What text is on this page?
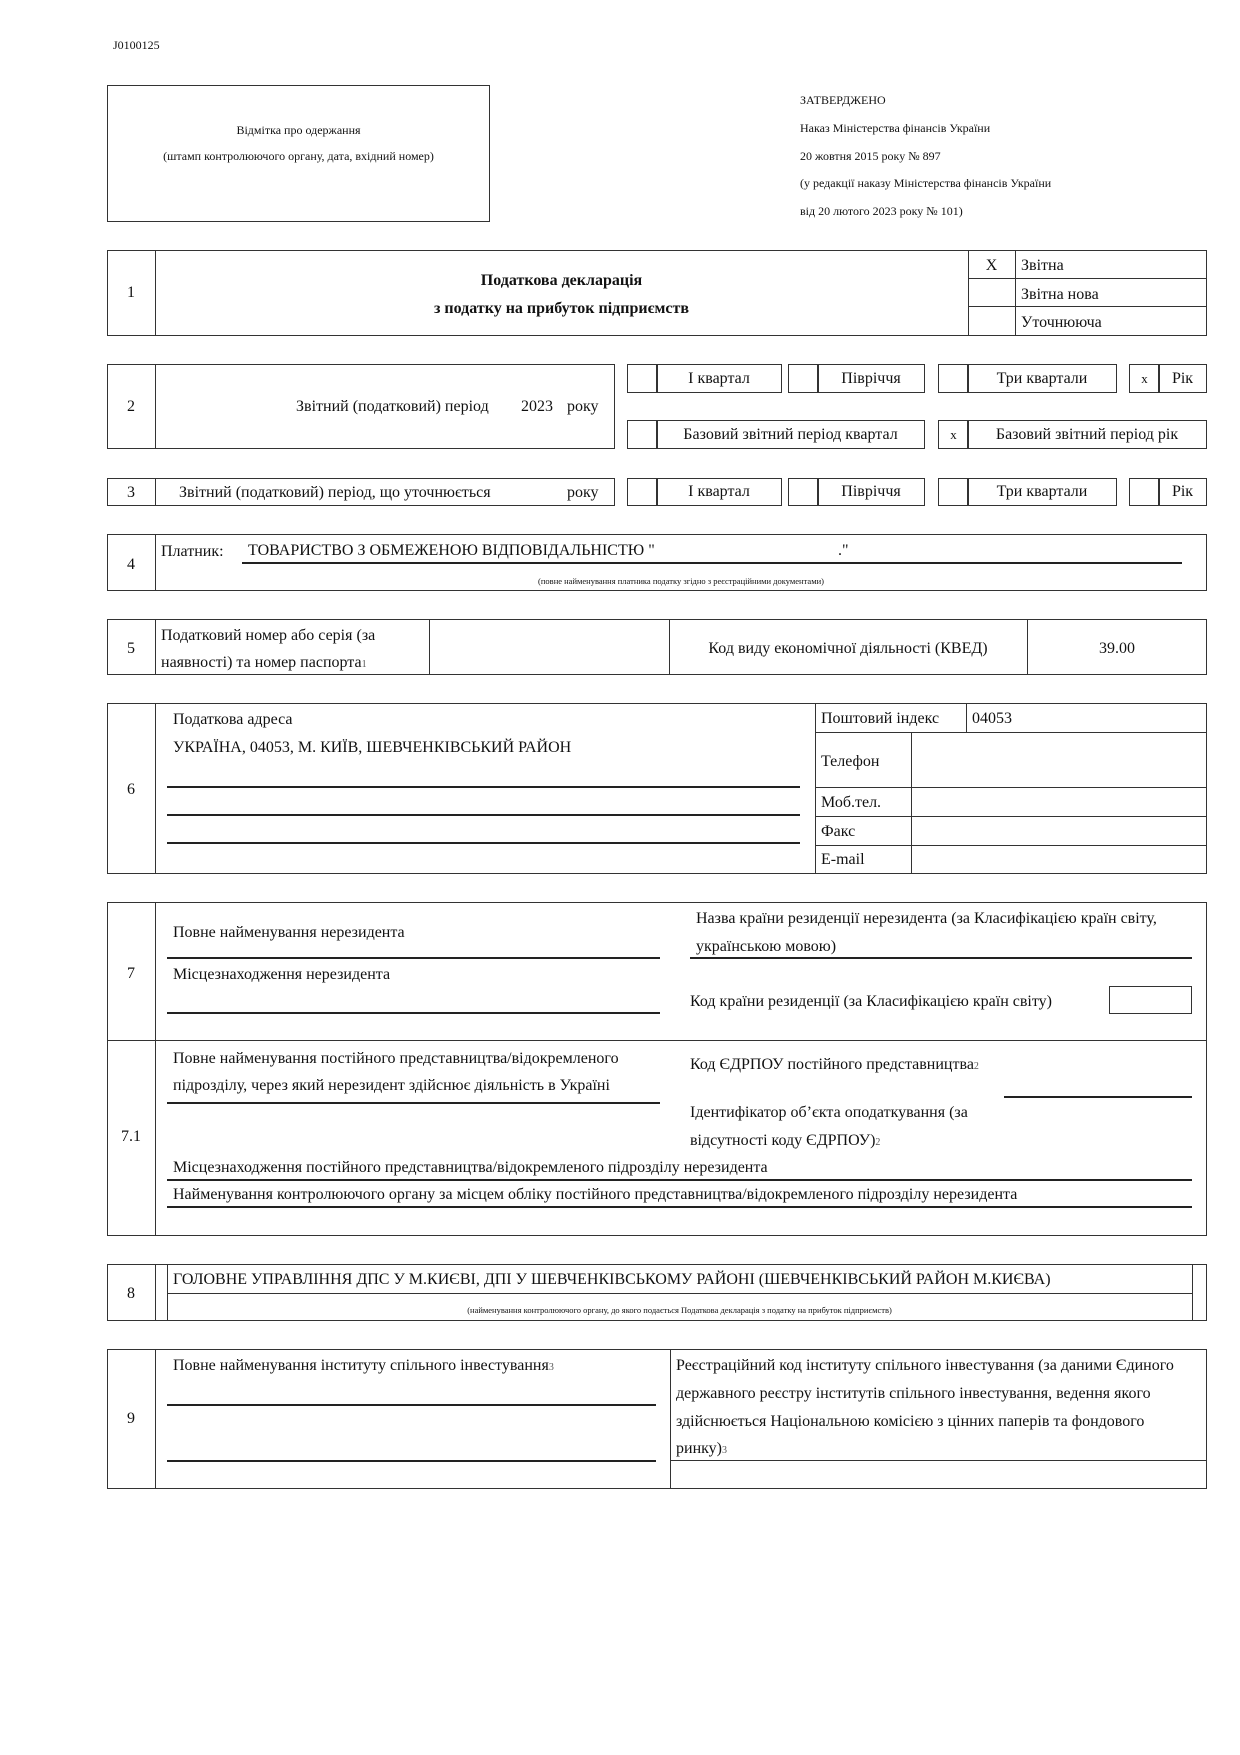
J0100125
Відмітка про одержання
(штамп контролюючого органу, дата, вхідний номер)
ЗАТВЕРДЖЕНО
Наказ Міністерства фінансів України
20 жовтня 2015 року № 897
(у редакції наказу Міністерства фінансів України
від 20 лютого 2023 року № 101)
1
Податкова декларація
з податку на прибуток підприємств
X	Звітна
Звітна нова
Уточнююча
2	Звітний (податковий) період 2023 року
І квартал	Півріччя	Три квартали	x	Рік
Базовий звітний період квартал	x	Базовий звітний період рік
3	Звітний (податковий) період, що уточнюється	року	І квартал	Півріччя	Три квартали	Рік
4
Платник: ТОВАРИСТВО З ОБМЕЖЕНОЮ ВІДПОВІДАЛЬНІСТЮ "	."
(повне найменування платника податку згідно з реєстраційними документами)
5
Податковий номер або серія (за
наявності) та номер паспорта1
Код виду економічної діяльності (КВЕД)	39.00
6
Податкова адреса
УКРАЇНА, 04053, М. КИЇВ, ШЕВЧЕНКІВСЬКИЙ РАЙОН
Поштовий індекс 04053
Телефон
Моб.тел.
Факс
E-mail
7
Повне найменування нерезидента
Місцезнаходження нерезидента
Назва країни резиденції нерезидента (за Класифікацією країн світу,
українською мовою)
Код країни резиденції (за Класифікацією країн світу)
7.1
Повне найменування постійного представництва/відокремленого
підрозділу, через який нерезидент здійснює діяльність в Україні
Код ЄДРПОУ постійного представництва2
Ідентифікатор об’єкта оподаткування (за
відсутності коду ЄДРПОУ)2
Місцезнаходження постійного представництва/відокремленого підрозділу нерезидента
Найменування контролюючого органу за місцем обліку постійного представництва/відокремленого підрозділу нерезидента
8
ГОЛОВНЕ УПРАВЛІННЯ ДПС У М.КИЄВІ, ДПІ У ШЕВЧЕНКІВСЬКОМУ РАЙОНІ (ШЕВЧЕНКІВСЬКИЙ РАЙОН М.КИЄВА)
(найменування контролюючого органу, до якого подається Податкова декларація з податку на прибуток підприємств)
9
Повне найменування інституту спільного інвестування3	Реєстраційний код інституту спільного інвестування (за даними Єдиного
державного реєстру інститутів спільного інвестування, ведення якого
здійснюється Національною комісією з цінних паперів та фондового
ринку)3
